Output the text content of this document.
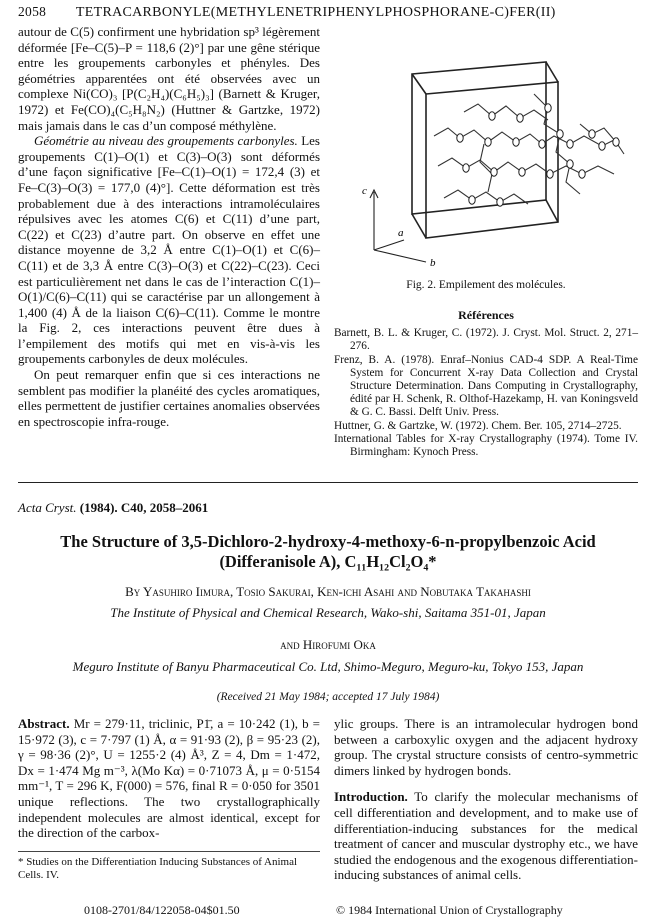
2058 TETRACARBONYLE(METHYLENETRIPHENYLPHOSPHORANE-C)FER(II)

autour de C(5) confirment une hybridation sp³ légèrement déformée [Fe–C(5)–P = 118,6 (2)°] par une gêne stérique entre les groupements carbonyles et phényles. Des géométries apparentées ont été observées avec un complexe Ni(CO)₃ [P(C₂H₄)(C₆H₅)₃] (Barnett & Kruger, 1972) et Fe(CO)₄(C₅H₈N₂) (Huttner & Gartzke, 1972) mais jamais dans le cas d’un composé méthylène.

Géométrie au niveau des groupements carbonyles. Les groupements C(1)–O(1) et C(3)–O(3) sont déformés d’une façon significative [Fe–C(1)–O(1) = 172,4 (3) et Fe–C(3)–O(3) = 177,0 (4)°]. Cette déformation est très probablement due à des interactions intramoléculaires répulsives avec les atomes C(6) et C(11) d’une part, C(22) et C(23) d’autre part. On observe en effet une distance moyenne de 3,2 Å entre C(1)–O(1) et C(6)–C(11) et de 3,3 Å entre C(3)–O(3) et C(22)–C(23). Ceci est particulièrement net dans le cas de l’interaction C(1)–O(1)/C(6)–C(11) qui se caractérise par un allongement à 1,400 (4) Å de la liaison C(6)–C(11). Comme le montre la Fig. 2, ces interactions peuvent être dues à l’empilement des motifs qui met en vis-à-vis les groupements carbonyles de deux molécules.

On peut remarquer enfin que si ces interactions ne semblent pas modifier la planéité des cycles aromatiques, elles permettent de justifier certaines anomalies observées en spectroscopie infra-rouge.

c
a
b
Fig. 2. Empilement des molécules.
Références

Barnett, B. L. & Kruger, C. (1972). J. Cryst. Mol. Struct. 2, 271–276.

Frenz, B. A. (1978). Enraf–Nonius CAD-4 SDP. A Real-Time System for Concurrent X-ray Data Collection and Crystal Structure Determination. Dans Computing in Crystallography, édité par H. Schenk, R. Olthof-Hazekamp, H. van Koningsveld & G. C. Bassi. Delft Univ. Press.

Huttner, G. & Gartzke, W. (1972). Chem. Ber. 105, 2714–2725.

International Tables for X-ray Crystallography (1974). Tome IV. Birmingham: Kynoch Press.

Acta Cryst. (1984). C40, 2058–2061
The Structure of 3,5-Dichloro-2-hydroxy-4-methoxy-6-n-propylbenzoic Acid
(Differanisole A), C₁₁H₁₂Cl₂O₄*
By Yasuhiro Iimura, Tosio Sakurai, Ken-ichi Asahi and Nobutaka Takahashi
The Institute of Physical and Chemical Research, Wako-shi, Saitama 351-01, Japan
and Hirofumi Oka
Meguro Institute of Banyu Pharmaceutical Co. Ltd, Shimo-Meguro, Meguro-ku, Tokyo 153, Japan
(Received 21 May 1984; accepted 17 July 1984)
Abstract. Mr = 279·11, triclinic, P1̄, a = 10·242 (1), b = 15·972 (3), c = 7·797 (1) Å, α = 91·93 (2), β = 95·23 (2), γ = 98·36 (2)°, U = 1255·2 (4) Å³, Z = 4, Dm = 1·472, Dx = 1·474 Mg m⁻³, λ(Mo Kα) = 0·71073 Å, μ = 0·5154 mm⁻¹, T = 296 K, F(000) = 576, final R = 0·050 for 3501 unique reflections. The two crystallographically independent molecules are almost identical, except for the direction of the carbox-
ylic groups. There is an intramolecular hydrogen bond between a carboxylic oxygen and the adjacent hydroxy group. The crystal structure consists of centro-symmetric dimers linked by hydrogen bonds.
Introduction. To clarify the molecular mechanisms of cell differentiation and development, and to make use of differentiation-inducing substances for the medical treatment of cancer and muscular dystrophy etc., we have studied the endogenous and the exogenous differentiation-inducing substances of animal cells.
* Studies on the Differentiation Inducing Substances of Animal Cells. IV.
0108-2701/84/122058-04$01.50	© 1984 International Union of Crystallography
